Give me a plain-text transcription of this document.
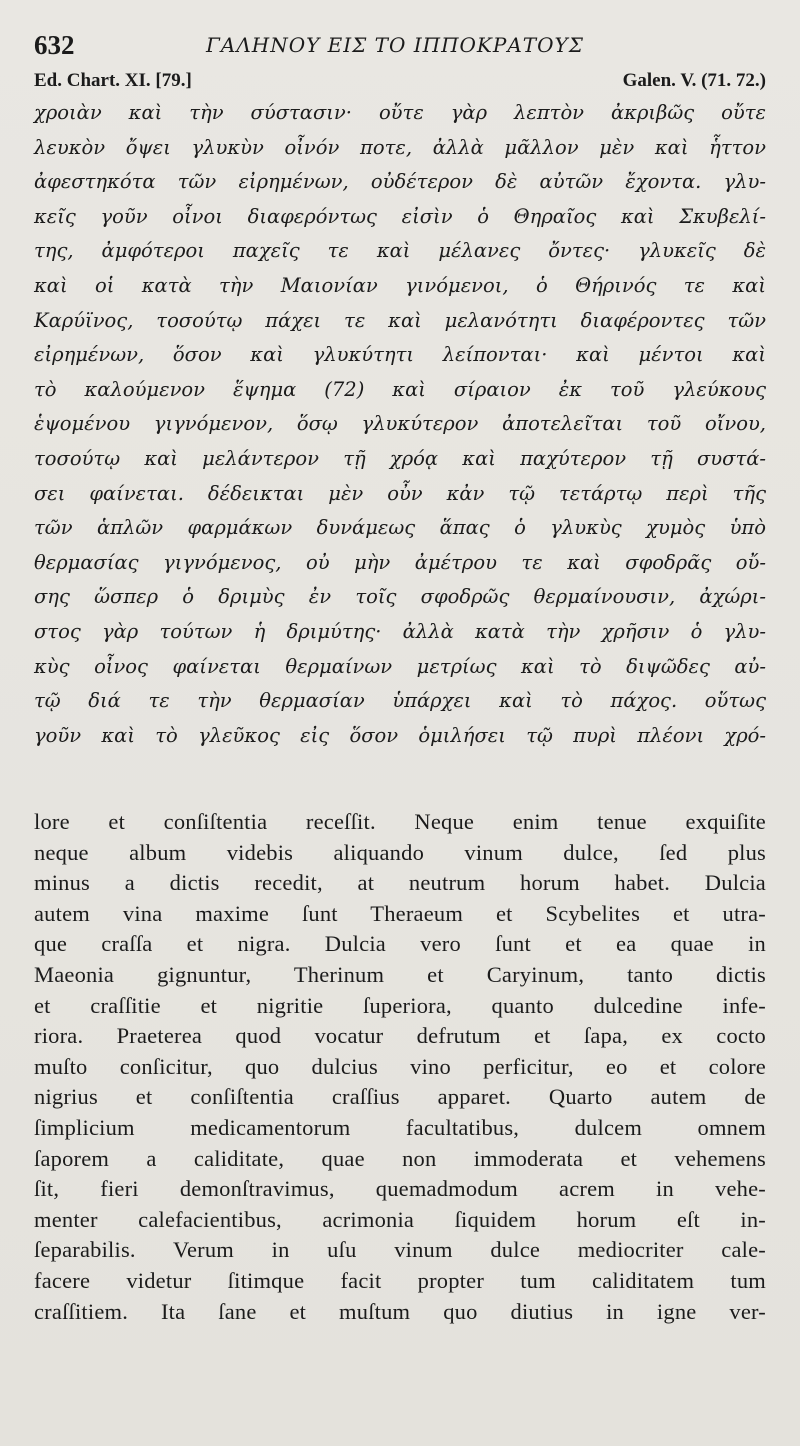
632	ΓΑΛΗΝΟΥ ΕΙΣ ΤΟ ΙΠΠΟΚΡΑΤΟΥΣ
Ed. Chart. XI. [79.]	Galen. V. (71. 72.)
χροιὰν καὶ τὴν σύστασιν· οὔτε γὰρ λεπτὸν ἀκριβῶς οὔτε
λευκὸν ὄψει γλυκὺν οἶνόν ποτε, ἀλλὰ μᾶλλον μὲν καὶ ἧττον
ἀφεστηκότα τῶν εἰρημένων, οὐδέτερον δὲ αὐτῶν ἔχοντα. γλυ-
κεῖς γοῦν οἶνοι διαφερόντως εἰσὶν ὁ Θηραῖος καὶ Σκυβελί-
της, ἀμφότεροι παχεῖς τε καὶ μέλανες ὄντες· γλυκεῖς δὲ
καὶ οἱ κατὰ τὴν Μαιονίαν γινόμενοι, ὁ Θήρινός τε καὶ
Καρύϊνος, τοσούτῳ πάχει τε καὶ μελανότητι διαφέροντες τῶν
εἰρημένων, ὅσον καὶ γλυκύτητι λείπονται· καὶ μέντοι καὶ
τὸ καλούμενον ἕψημα (72) καὶ σίραιον ἐκ τοῦ γλεύκους
ἑψομένου γιγνόμενον, ὅσῳ γλυκύτερον ἀποτελεῖται τοῦ οἴνου,
τοσούτῳ καὶ μελάντερον τῇ χρόᾳ καὶ παχύτερον τῇ συστά-
σει φαίνεται. δέδεικται μὲν οὖν κἀν τῷ τετάρτῳ περὶ τῆς
τῶν ἁπλῶν φαρμάκων δυνάμεως ἅπας ὁ γλυκὺς χυμὸς ὑπὸ
θερμασίας γιγνόμενος, οὐ μὴν ἀμέτρου τε καὶ σφοδρᾶς οὔ-
σης ὥσπερ ὁ δριμὺς ἐν τοῖς σφοδρῶς θερμαίνουσιν, ἀχώρι-
στος γὰρ τούτων ἡ δριμύτης· ἀλλὰ κατὰ τὴν χρῆσιν ὁ γλυ-
κὺς οἶνος φαίνεται θερμαίνων μετρίως καὶ τὸ διψῶδες αὐ-
τῷ διά τε τὴν θερμασίαν ὑπάρχει καὶ τὸ πάχος. οὕτως
γοῦν καὶ τὸ γλεῦκος εἰς ὅσον ὁμιλήσει τῷ πυρὶ πλέονι χρό-
lore et conſiſtentia receſſit. Neque enim tenue exquiſite
neque album videbis aliquando vinum dulce, ſed plus
minus a dictis recedit, at neutrum horum habet. Dulcia
autem vina maxime ſunt Theraeum et Scybelites et utra-
que craſſa et nigra. Dulcia vero ſunt et ea quae in
Maeonia gignuntur, Therinum et Caryinum, tanto dictis
et craſſitie et nigritie ſuperiora, quanto dulcedine infe-
riora. Praeterea quod vocatur defrutum et ſapa, ex cocto
muſto conſicitur, quo dulcius vino perficitur, eo et colore
nigrius et conſiſtentia craſſius apparet. Quarto autem de
ſimplicium medicamentorum facultatibus, dulcem omnem
ſaporem a caliditate, quae non immoderata et vehemens
ſit, fieri demonſtravimus, quemadmodum acrem in vehe-
menter calefacientibus, acrimonia ſiquidem horum eſt in-
ſeparabilis. Verum in uſu vinum dulce mediocriter cale-
facere videtur ſitimque facit propter tum caliditatem tum
craſſitiem. Ita ſane et muſtum quo diutius in igne ver-
